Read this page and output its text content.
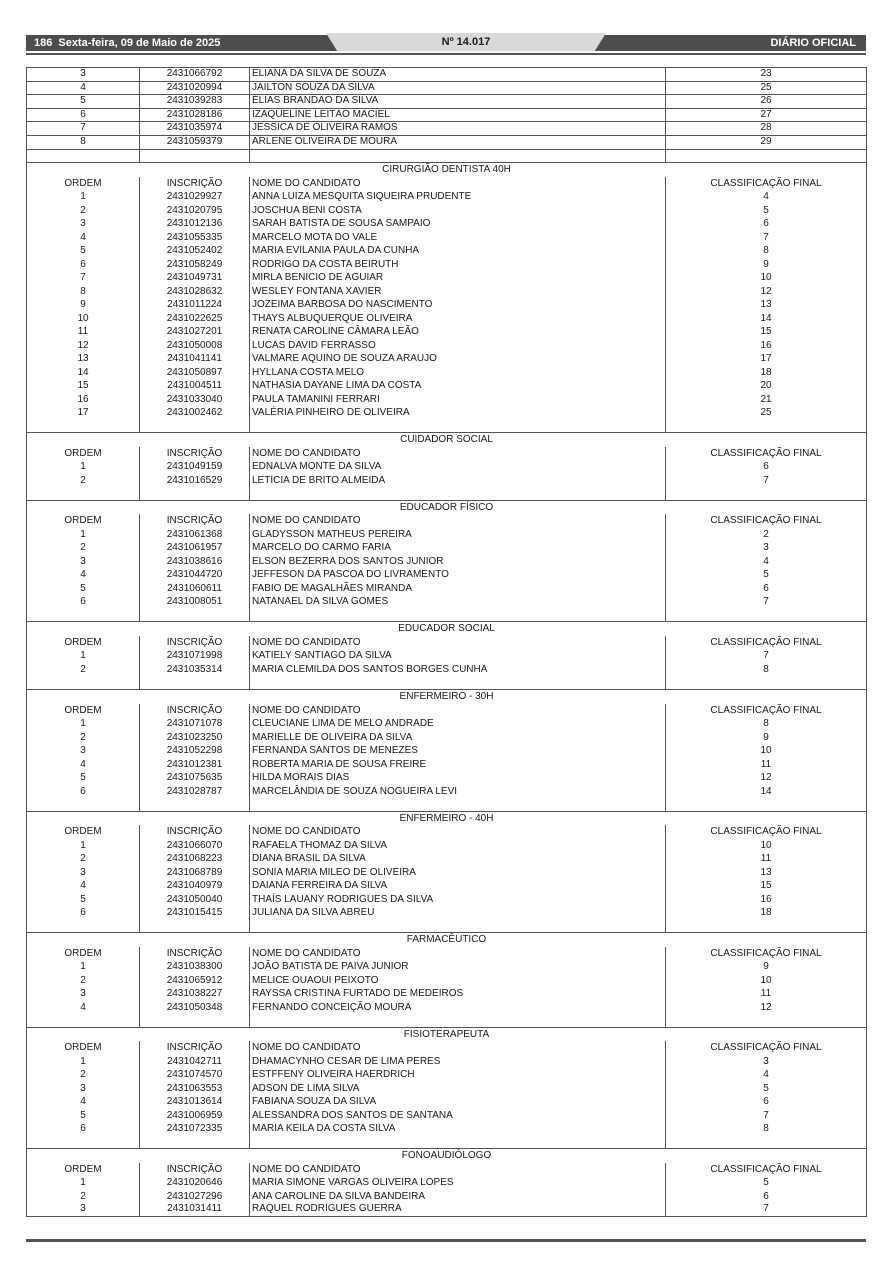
186 Sexta-feira, 09 de Maio de 2025	Nº 14.017	DIÁRIO OFICIAL
3	2431066792	ELIANA DA SILVA DE SOUZA	23
4	2431020994	JAILTON SOUZA DA SILVA	25
5	2431039283	ELIAS BRANDÃO DA SILVA	26
6	2431028186	IZAQUELINE LEITÃO MACIEL	27
7	2431035974	JÉSSICA DE OLIVEIRA RAMOS	28
8	2431059379	ARLENE OLIVEIRA DE MOURA	29
CIRURGIÃO DENTISTA 40H
ORDEM	INSCRIÇÃO	NOME DO CANDIDATO	CLASSIFICAÇÃO FINAL
1	2431029927	ANNA LUIZA MESQUITA SIQUEIRA PRUDENTE	4
2	2431020795	JOSCHUA BENI COSTA	5
3	2431012136	SARAH BATISTA DE SOUSA SAMPAIO	6
4	2431055335	MARCELO MOTA DO VALE	7
5	2431052402	MARIA EVILANIA PAULA DA CUNHA	8
6	2431058249	RODRIGO DA COSTA BEIRUTH	9
7	2431049731	MIRLA BENICIO DE AGUIAR	10
8	2431028632	WESLEY FONTANA XAVIER	12
9	2431011224	JOZEIMA BARBOSA DO NASCIMENTO	13
10	2431022625	THAYS ALBUQUERQUE OLIVEIRA	14
11	2431027201	RENATA CAROLINE CÂMARA LEÃO	15
12	2431050008	LUCAS DAVID FERRASSO	16
13	2431041141	VALMARE AQUINO DE SOUZA ARAUJO	17
14	2431050897	HYLLANA COSTA MELO	18
15	2431004511	NATHASIA DAYANE LIMA DA COSTA	20
16	2431033040	PAULA TAMANINI FERRARI	21
17	2431002462	VALÉRIA PINHEIRO DE OLIVEIRA	25
CUIDADOR SOCIAL
ORDEM	INSCRIÇÃO	NOME DO CANDIDATO	CLASSIFICAÇÃO FINAL
1	2431049159	EDNALVA MONTE DA SILVA	6
2	2431016529	LETICIA DE BRITO ALMEIDA	7
EDUCADOR FÍSICO
ORDEM	INSCRIÇÃO	NOME DO CANDIDATO	CLASSIFICAÇÃO FINAL
1	2431061368	GLADYSSON MATHEUS PEREIRA	2
2	2431061957	MARCELO DO CARMO FARIA	3
3	2431038616	ELSON BEZERRA DOS SANTOS JUNIOR	4
4	2431044720	JEFFESON DA PASCOA DO LIVRAMENTO	5
5	2431060611	FABIO DE MAGALHÃES MIRANDA	6
6	2431008051	NATANAEL DA SILVA GOMES	7
EDUCADOR SOCIAL
ORDEM	INSCRIÇÃO	NOME DO CANDIDATO	CLASSIFICAÇÃO FINAL
1	2431071998	KATIELY SANTIAGO DA SILVA	7
2	2431035314	MARIA CLEMILDA DOS SANTOS BORGES CUNHA	8
ENFERMEIRO - 30H
ORDEM	INSCRIÇÃO	NOME DO CANDIDATO	CLASSIFICAÇÃO FINAL
1	2431071078	CLEUCIANE LIMA DE MELO ANDRADE	8
2	2431023250	MARIELLE DE OLIVEIRA DA SILVA	9
3	2431052298	FERNANDA SANTOS DE MENEZES	10
4	2431012381	ROBERTA MARIA DE SOUSA FREIRE	11
5	2431075635	HILDA MORAIS DIAS	12
6	2431028787	MARCELÂNDIA DE SOUZA NOGUEIRA LEVI	14
ENFERMEIRO - 40H
ORDEM	INSCRIÇÃO	NOME DO CANDIDATO	CLASSIFICAÇÃO FINAL
1	2431066070	RAFAELA THOMAZ DA SILVA	10
2	2431068223	DIANA BRASIL DA SILVA	11
3	2431068789	SONIA MARIA MILEO DE OLIVEIRA	13
4	2431040979	DAIANA FERREIRA DA SILVA	15
5	2431050040	THAÍS LAUANY RODRIGUES DA SILVA	16
6	2431015415	JULIANA DA SILVA ABREU	18
FARMACÊUTICO
ORDEM	INSCRIÇÃO	NOME DO CANDIDATO	CLASSIFICAÇÃO FINAL
1	2431038300	JOÃO BATISTA DE PAIVA JUNIOR	9
2	2431065912	MELICE OUAOUI PEIXOTO	10
3	2431038227	RAYSSA CRISTINA FURTADO DE MEDEIROS	11
4	2431050348	FERNANDO CONCEIÇÃO MOURA	12
FISIOTERAPEUTA
ORDEM	INSCRIÇÃO	NOME DO CANDIDATO	CLASSIFICAÇÃO FINAL
1	2431042711	DHAMACYNHO CESAR DE LIMA PERES	3
2	2431074570	ESTFFENY OLIVEIRA HAERDRICH	4
3	2431063553	ADSON DE LIMA SILVA	5
4	2431013614	FABIANA SOUZA DA SILVA	6
5	2431006959	ALESSANDRA DOS SANTOS DE SANTANA	7
6	2431072335	MARIA KEILA DA COSTA SILVA	8
FONOAUDIÓLOGO
ORDEM	INSCRIÇÃO	NOME DO CANDIDATO	CLASSIFICAÇÃO FINAL
1	2431020646	MARIA SIMONE VARGAS OLIVEIRA LOPES	5
2	2431027296	ANA CAROLINE DA SILVA BANDEIRA	6
3	2431031411	RAQUEL RODRIGUES GUERRA	7
